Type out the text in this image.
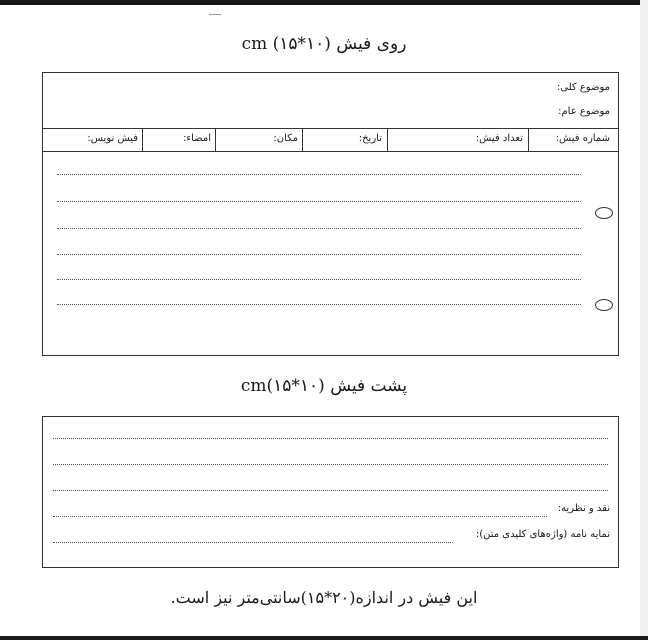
روی فیش cm (۱۵*۱۰)
موضوع کلی:
موضوع عام:
شماره فیش:
تعداد فیش:
تاریخ:
مکان:
امضاء:
فیش نویس:
پشت فیش cm(۱۵*۱۰)
نقد و نظریه:
نمایه نامه (واژه‌های کلیدی متن):
این فیش در اندازه(۲۰*۱۵)سانتی‌متر نیز است.
